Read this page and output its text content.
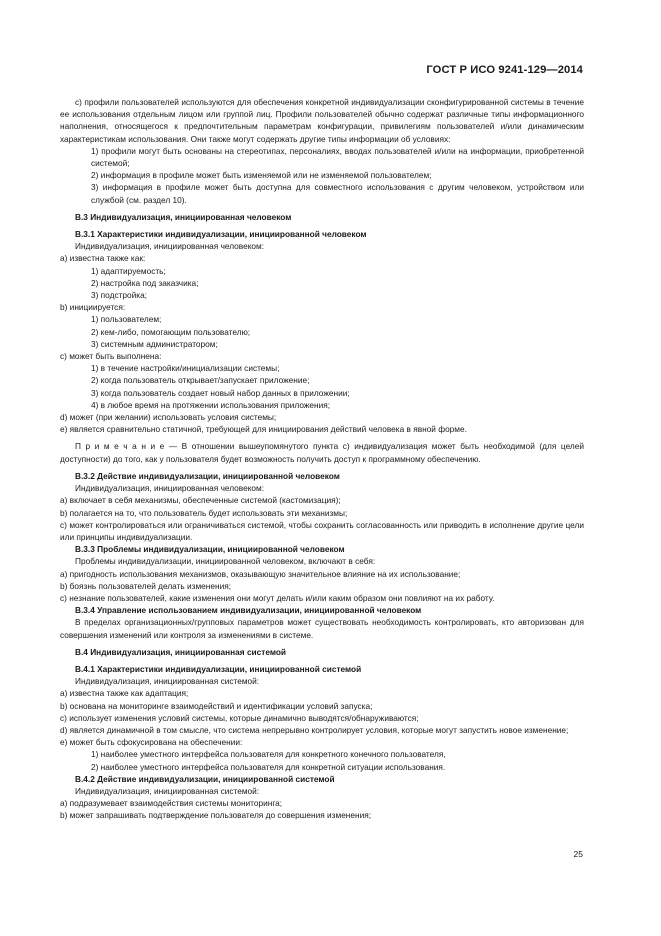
ГОСТ Р ИСО 9241-129—2014

c) профили пользователей используются для обеспечения конкретной индивидуализации сконфигурированной системы в течение ее использования отдельным лицом или группой лиц. Профили пользователей обычно содержат различные типы информационного наполнения, относящегося к предпочтительным параметрам конфигурации, привилегиям пользователей и/или динамическим характеристикам использования. Они также могут содержать другие типы информации об условиях:

1) профили могут быть основаны на стереотипах, персоналиях, вводах пользователей и/или на информации, приобретенной системой;

2) информация в профиле может быть изменяемой или не изменяемой пользователем;

3) информация в профиле может быть доступна для совместного использования с другим человеком, устройством или службой (см. раздел 10).

В.3 Индивидуализация, инициированная человеком

В.3.1 Характеристики индивидуализации, инициированной человеком

Индивидуализация, инициированная человеком:

a) известна также как:

1) адаптируемость;

2) настройка под заказчика;

3) подстройка;

b) инициируется:

1) пользователем;

2) кем-либо, помогающим пользователю;

3) системным администратором;

c) может быть выполнена:

1) в течение настройки/инициализации системы;

2) когда пользователь открывает/запускает приложение;

3) когда пользователь создает новый набор данных в приложении;

4) в любое время на протяжении использования приложения;

d) может (при желании) использовать условия системы;

e) является сравнительно статичной, требующей для инициирования действий человека в явной форме.

П р и м е ч а н и е — В отношении вышеупомянутого пункта c) индивидуализация может быть необходимой (для целей доступности) до того, как у пользователя будет возможность получить доступ к программному обеспечению.

В.3.2 Действие индивидуализации, инициированной человеком

Индивидуализация, инициированная человеком:

a) включает в себя механизмы, обеспеченные системой (кастомизация);

b) полагается на то, что пользователь будет использовать эти механизмы;

c) может контролироваться или ограничиваться системой, чтобы сохранить согласованность или приводить в исполнение другие цели или принципы индивидуализации.

В.3.3 Проблемы индивидуализации, инициированной человеком

Проблемы индивидуализации, инициированной человеком, включают в себя:

a) пригодность использования механизмов, оказывающую значительное влияние на их использование;

b) боязнь пользователей делать изменения;

c) незнание пользователей, какие изменения они могут делать и/или каким образом они повлияют на их работу.

В.3.4 Управление использованием индивидуализации, инициированной человеком

В пределах организационных/групповых параметров может существовать необходимость контролировать, кто авторизован для совершения изменений или контроля за изменениями в системе.

В.4 Индивидуализация, инициированная системой

В.4.1 Характеристики индивидуализации, инициированной системой

Индивидуализация, инициированная системой:

a) известна также как адаптация;

b) основана на мониторинге взаимодействий и идентификации условий запуска;

c) использует изменения условий системы, которые динамично выводятся/обнаруживаются;

d) является динамичной в том смысле, что система непрерывно контролирует условия, которые могут запустить новое изменение;

e) может быть сфокусирована на обеспечении:

1) наиболее уместного интерфейса пользователя для конкретного конечного пользователя,

2) наиболее уместного интерфейса пользователя для конкретной ситуации использования.

В.4.2 Действие индивидуализации, инициированной системой

Индивидуализация, инициированная системой:

a) подразумевает взаимодействия системы мониторинга;

b) может запрашивать подтверждение пользователя до совершения изменения;

25
